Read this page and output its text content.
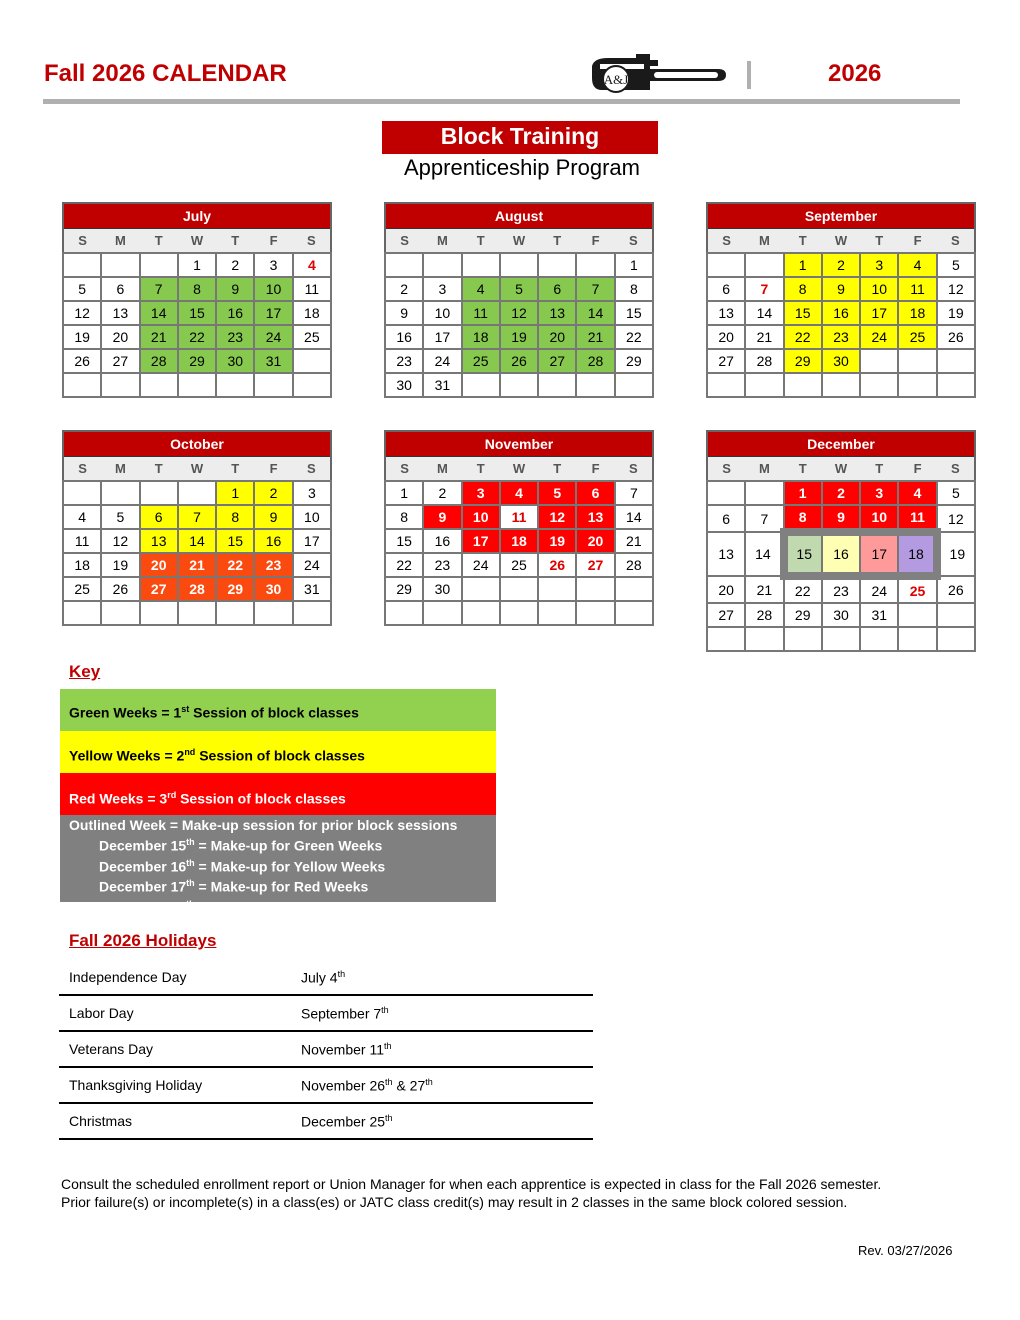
Fall 2026 CALENDAR	A&J	2026
Block Training
Apprenticeship Program
July						
S	M	T	W	T	F	S
			1	2	3	4
5	6	7	8	9	10	11
12	13	14	15	16	17	18
19	20	21	22	23	24	25
26	27	28	29	30	31	

August						
S	M	T	W	T	F	S
						1
2	3	4	5	6	7	8
9	10	11	12	13	14	15
16	17	18	19	20	21	22
23	24	25	26	27	28	29
30	31					
September						
S	M	T	W	T	F	S
		1	2	3	4	5
6	7	8	9	10	11	12
13	14	15	16	17	18	19
20	21	22	23	24	25	26
27	28	29	30			

October						
S	M	T	W	T	F	S
				1	2	3
4	5	6	7	8	9	10
11	12	13	14	15	16	17
18	19	20	21	22	23	24
25	26	27	28	29	30	31

November						
S	M	T	W	T	F	S
1	2	3	4	5	6	7
8	9	10	11	12	13	14
15	16	17	18	19	20	21
22	23	24	25	26	27	28
29	30					

December						
S	M	T	W	T	F	S
		1	2	3	4	5
6	7	8	9	10	11	12
13	14	15	16	17	18	19
20	21	22	23	24	25	26
27	28	29	30	31		

Key
Green Weeks = 1st Session of block classes
Yellow Weeks = 2nd Session of block classes
Red Weeks = 3rd Session of block classes
Outlined Week = Make-up session for prior block sessions
December 15th = Make-up for Green Weeks
December 16th = Make-up for Yellow Weeks
December 17th = Make-up for Red Weeks
December 18th = Auxiliary
Fall 2026 Holidays
Independence Day	July 4th
Labor Day	September 7th
Veterans Day	November 11th
Thanksgiving Holiday	November 26th & 27th
Christmas	December 25th
Consult the scheduled enrollment report or Union Manager for when each apprentice is expected in class for the Fall 2026 semester.
Prior failure(s) or incomplete(s) in a class(es) or JATC class credit(s) may result in 2 classes in the same block colored session.
Rev. 03/27/2026
